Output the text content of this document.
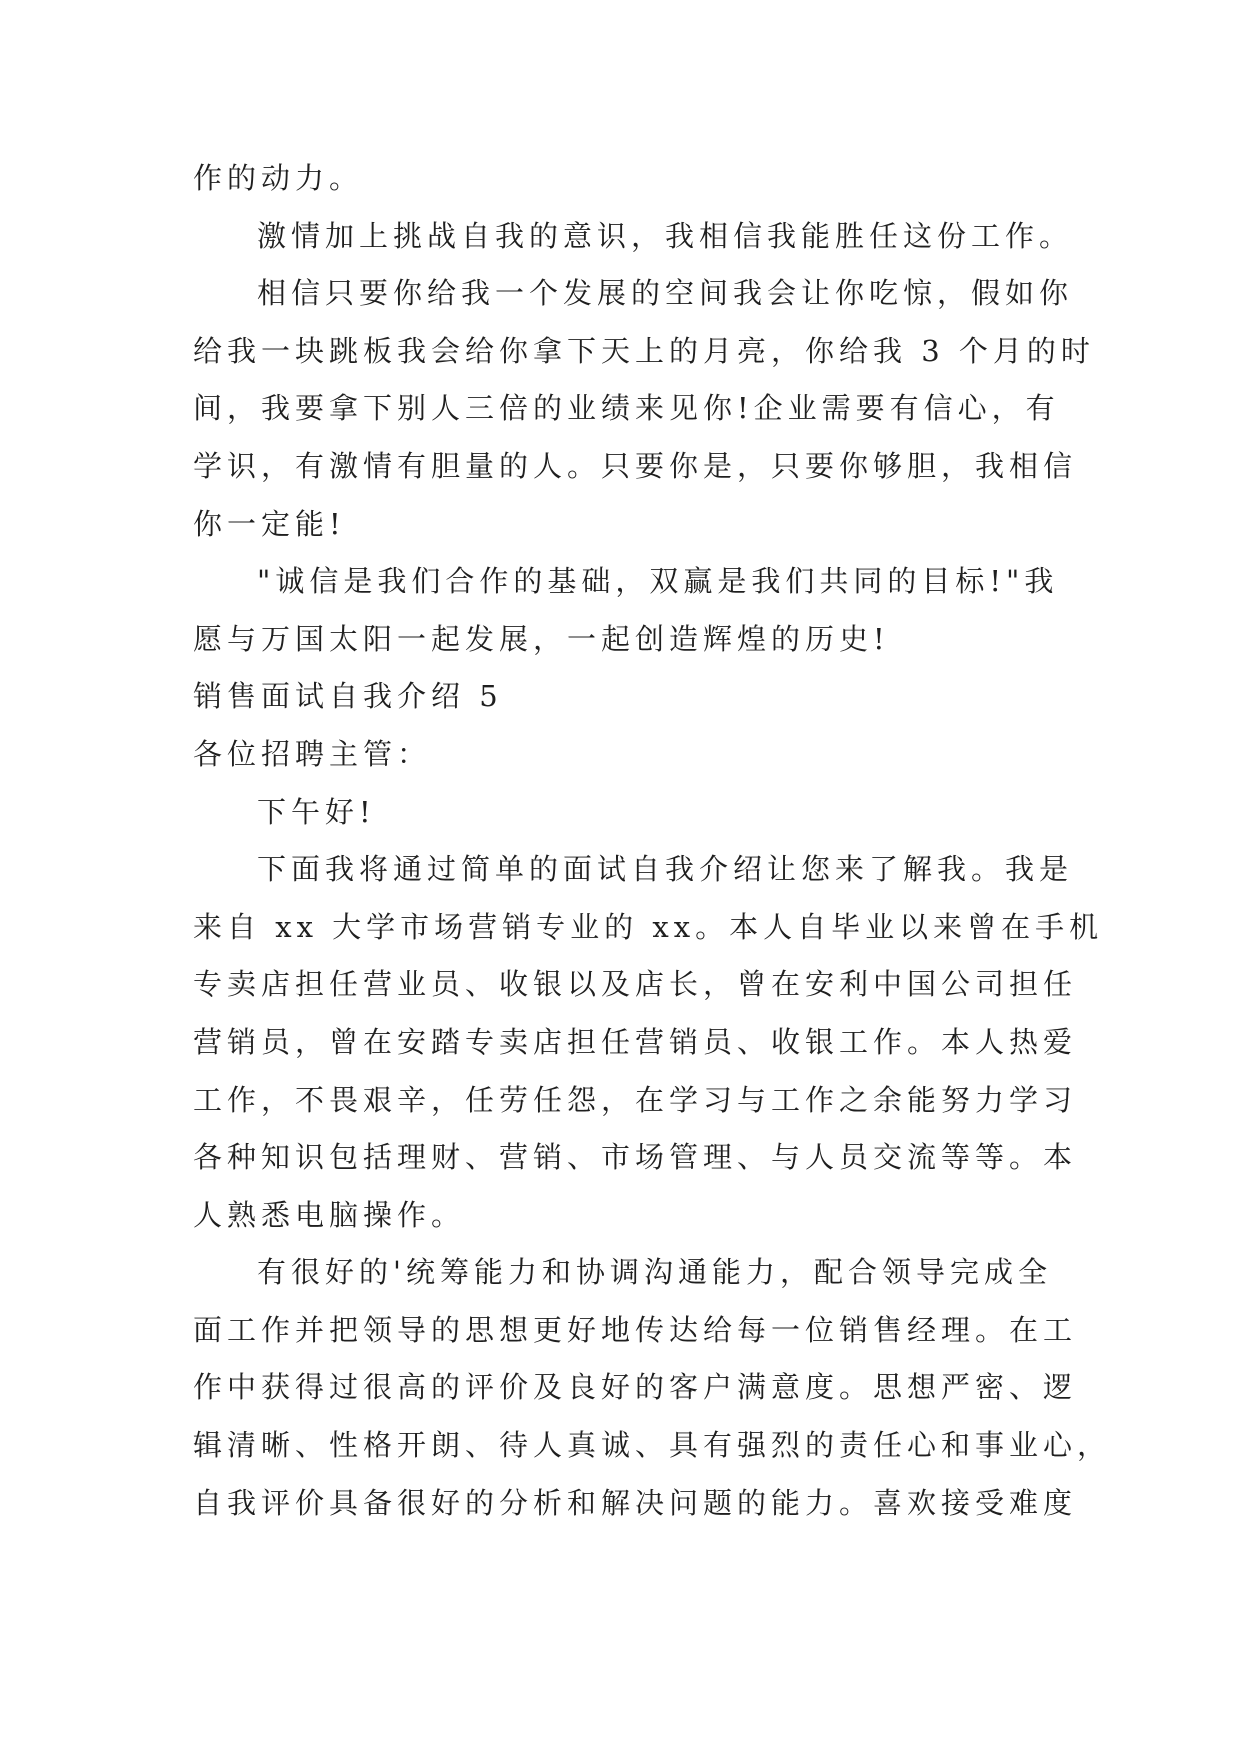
作的动力。
激情加上挑战自我的意识，我相信我能胜任这份工作。
相信只要你给我一个发展的空间我会让你吃惊，假如你
给我一块跳板我会给你拿下天上的月亮，你给我 3 个月的时
间，我要拿下别人三倍的业绩来见你!企业需要有信心，有
学识，有激情有胆量的人。只要你是，只要你够胆，我相信
你一定能!
"诚信是我们合作的基础，双赢是我们共同的目标!"我
愿与万国太阳一起发展，一起创造辉煌的历史!
销售面试自我介绍 5
各位招聘主管：
下午好!
下面我将通过简单的面试自我介绍让您来了解我。我是
来自 xx 大学市场营销专业的 xx。本人自毕业以来曾在手机
专卖店担任营业员、收银以及店长，曾在安利中国公司担任
营销员，曾在安踏专卖店担任营销员、收银工作。本人热爱
工作，不畏艰辛，任劳任怨，在学习与工作之余能努力学习
各种知识包括理财、营销、市场管理、与人员交流等等。本
人熟悉电脑操作。
有很好的'统筹能力和协调沟通能力，配合领导完成全
面工作并把领导的思想更好地传达给每一位销售经理。在工
作中获得过很高的评价及良好的客户满意度。思想严密、逻
辑清晰、性格开朗、待人真诚、具有强烈的责任心和事业心，
自我评价具备很好的分析和解决问题的能力。喜欢接受难度
